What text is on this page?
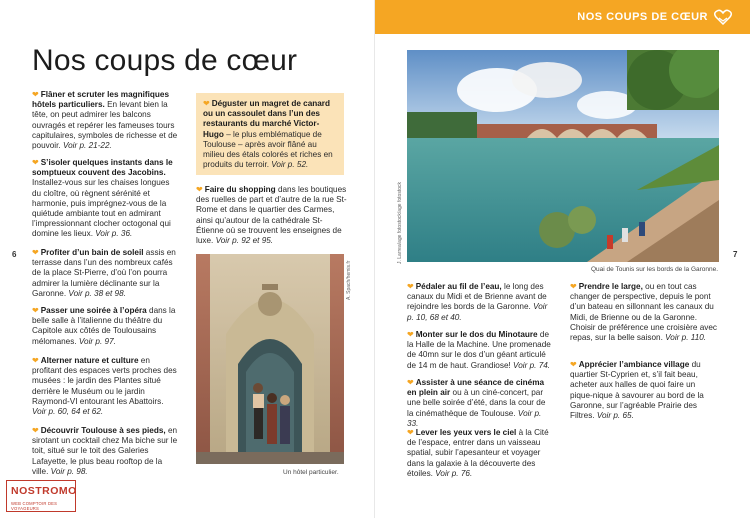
Nos coups de cœur
6
❤ Flâner et scruter les magnifiques hôtels particuliers. En levant bien la tête, on peut admirer les balcons ouvragés et repérer les fameuses tours capitulaires, symboles de richesse et de pouvoir. Voir p. 21-22.
❤ S’isoler quelques instants dans le somptueux couvent des Jacobins. Installez-vous sur les chaises longues du cloître, où règnent sérénité et harmonie, puis imprégnez-vous de la quiétude ambiante tout en admirant l’impressionnant clocher octogonal qui domine les lieux. Voir p. 36.
❤ Profiter d’un bain de soleil assis en terrasse dans l’un des nombreux cafés de la place St-Pierre, d’où l’on pourra admirer la lumière déclinante sur la Garonne. Voir p. 38 et 98.
❤ Passer une soirée à l’opéra dans la belle salle à l’italienne du théâtre du Capitole aux côtés de Toulousains mélomanes. Voir p. 97.
❤ Alterner nature et culture en profitant des espaces verts proches des musées : le jardin des Plantes situé derrière le Muséum ou le jardin Raymond-VI entourant les Abattoirs. Voir p. 60, 64 et 62.
❤ Découvrir Toulouse à ses pieds, en sirotant un cocktail chez Ma biche sur le toit, situé sur le toit des Galeries Lafayette, le plus beau rooftop de la ville. Voir p. 98.
❤ Déguster un magret de canard ou un cassoulet dans l’un des restaurants du marché Victor-Hugo – le plus emblématique de Toulouse – après avoir flâné au milieu des étals colorés et riches en produits du terroir. Voir p. 52.
❤ Faire du shopping dans les boutiques des ruelles de part et d’autre de la rue St-Rome et dans le quartier des Carmes, ainsi qu’autour de la cathédrale St-Étienne où se trouvent les enseignes de luxe. Voir p. 92 et 95.
A. Spach/hemis.fr
Un hôtel particulier.
NOSTROMO
WEB COMPTOIR DES VOYAGEURS
NOS COUPS DE CŒUR
7
J. Larrea/age fotostock/age fotostock
Quai de Tounis sur les bords de la Garonne.
❤ Pédaler au fil de l’eau, le long des canaux du Midi et de Brienne avant de rejoindre les bords de la Garonne. Voir p. 10, 68 et 40.
❤ Monter sur le dos du Minotaure de la Halle de la Machine. Une promenade de 40mn sur le dos d’un géant articulé de 14 m de haut. Grandiose! Voir p. 74.
❤ Assister à une séance de cinéma en plein air ou à un ciné-concert, par une belle soirée d’été, dans la cour de la cinémathèque de Toulouse. Voir p. 33.
❤ Lever les yeux vers le ciel à la Cité de l’espace, entrer dans un vaisseau spatial, subir l’apesanteur et voyager dans la galaxie à la découverte des étoiles. Voir p. 76.
❤ Prendre le large, ou en tout cas changer de perspective, depuis le pont d’un bateau en sillonnant les canaux du Midi, de Brienne ou de la Garonne. Choisir de préférence une croisière avec repas, sur la belle saison. Voir p. 110.
❤ Apprécier l’ambiance village du quartier St-Cyprien et, s’il fait beau, acheter aux halles de quoi faire un pique-nique à savourer au bord de la Garonne, sur l’agréable Prairie des Filtres. Voir p. 65.
